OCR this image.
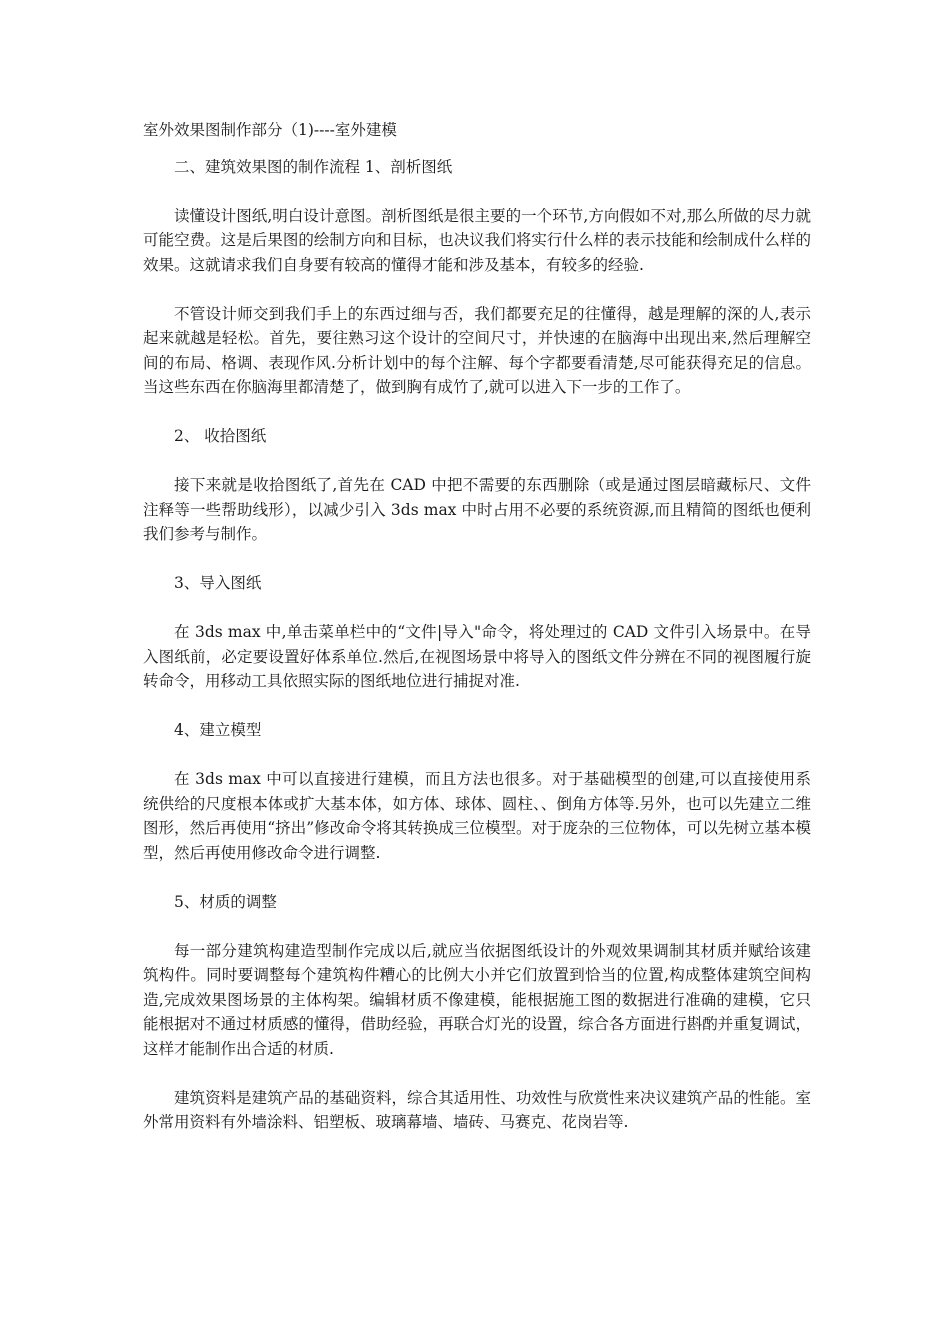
室外效果图制作部分（1)----室外建模

二、建筑效果图的制作流程 1、剖析图纸

读懂设计图纸,明白设计意图。剖析图纸是很主要的一个环节,方向假如不对,那么所做的尽力就可能空费。这是后果图的绘制方向和目标，也决议我们将实行什么样的表示技能和绘制成什么样的效果。这就请求我们自身要有较高的懂得才能和涉及基本，有较多的经验.

不管设计师交到我们手上的东西过细与否，我们都要充足的往懂得，越是理解的深的人,表示起来就越是轻松。首先，要往熟习这个设计的空间尺寸，并快速的在脑海中出现出来,然后理解空间的布局、格调、表现作风.分析计划中的每个注解、每个字都要看清楚,尽可能获得充足的信息。当这些东西在你脑海里都清楚了，做到胸有成竹了,就可以进入下一步的工作了。

2、 收拾图纸

接下来就是收拾图纸了,首先在 CAD 中把不需要的东西删除（或是通过图层暗藏标尺、文件注释等一些帮助线形），以减少引入 3ds max 中时占用不必要的系统资源,而且精简的图纸也便利我们参考与制作。

3、导入图纸

在 3ds max 中,单击菜单栏中的“文件|导入"命令，将处理过的 CAD 文件引入场景中。在导入图纸前，必定要设置好体系单位.然后,在视图场景中将导入的图纸文件分辨在不同的视图履行旋转命令，用移动工具依照实际的图纸地位进行捕捉对准.

4、建立模型

在 3ds max 中可以直接进行建模，而且方法也很多。对于基础模型的创建,可以直接使用系统供给的尺度根本体或扩大基本体，如方体、球体、圆柱、、倒角方体等.另外，也可以先建立二维图形，然后再使用“挤出”修改命令将其转换成三位模型。对于庞杂的三位物体，可以先树立基本模型，然后再使用修改命令进行调整.

5、材质的调整

每一部分建筑构建造型制作完成以后,就应当依据图纸设计的外观效果调制其材质并赋给该建筑构件。同时要调整每个建筑构件糟心的比例大小并它们放置到恰当的位置,构成整体建筑空间构造,完成效果图场景的主体构架。编辑材质不像建模，能根据施工图的数据进行准确的建模，它只能根据对不通过材质感的懂得，借助经验，再联合灯光的设置，综合各方面进行斟酌并重复调试，这样才能制作出合适的材质.

建筑资料是建筑产品的基础资料，综合其适用性、功效性与欣赏性来决议建筑产品的性能。室外常用资料有外墙涂料、铝塑板、玻璃幕墙、墙砖、马赛克、花岗岩等.
